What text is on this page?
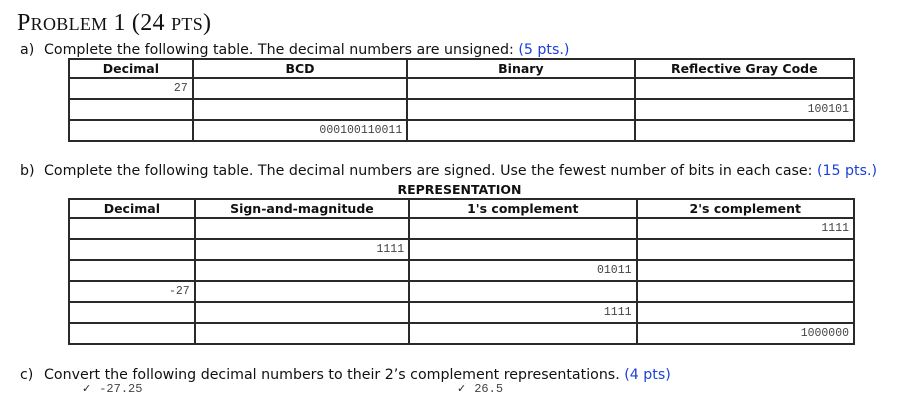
PROBLEM 1 (24 PTS)
a) Complete the following table. The decimal numbers are unsigned: (5 pts.)
Decimal	BCD	Binary	Reflective Gray Code
27			
			100101
	000100110011		
b) Complete the following table. The decimal numbers are signed. Use the fewest number of bits in each case: (15 pts.)
REPRESENTATION
Decimal	Sign-and-magnitude	1's complement	2's complement
			1111
	1111		
		01011	
-27			
		1111	
			1000000
c) Convert the following decimal numbers to their 2’s complement representations. (4 pts)
✓ -27.25	✓ 26.5
